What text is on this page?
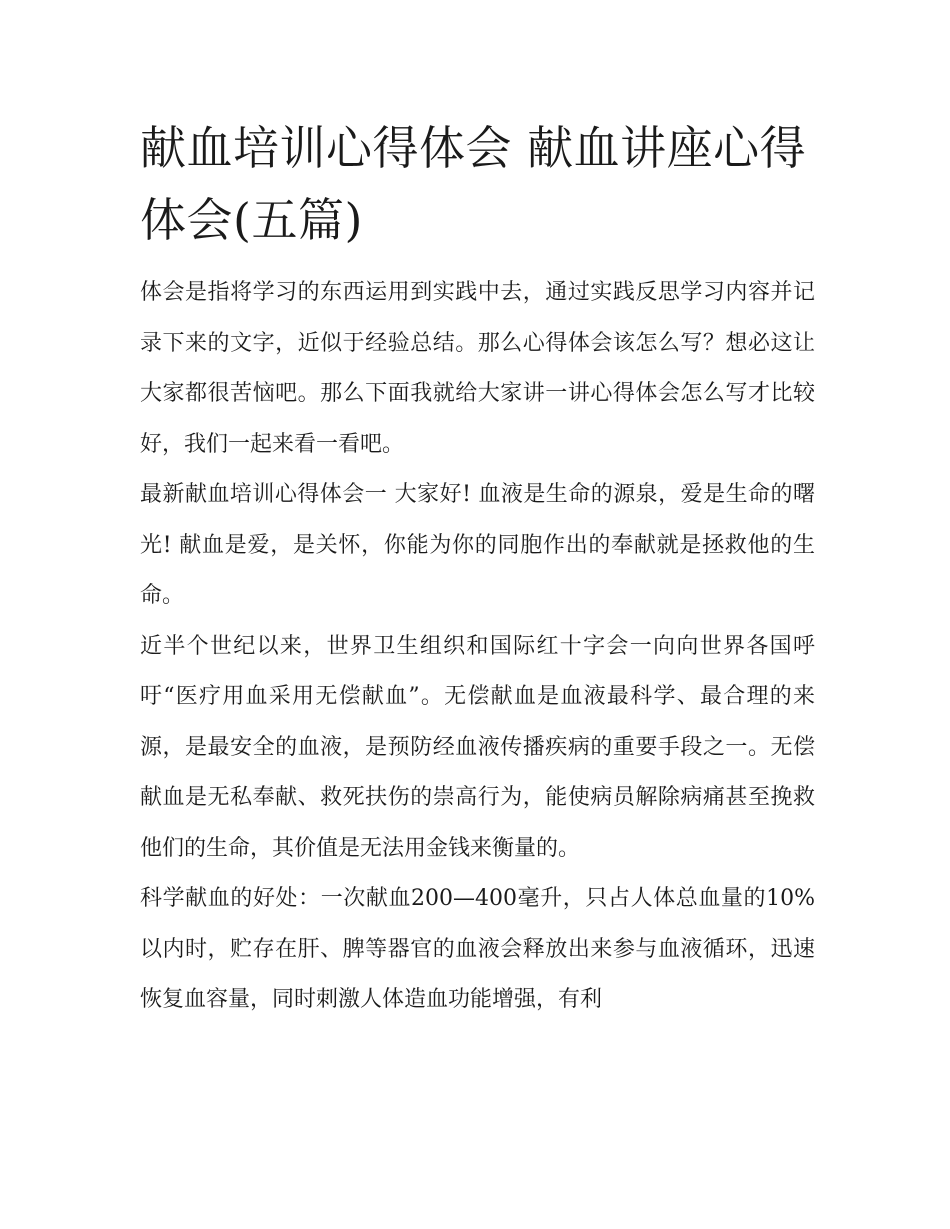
献血培训心得体会 献血讲座心得体会(五篇)

体会是指将学习的东西运用到实践中去，通过实践反思学习内容并记录下来的文字，近似于经验总结。那么心得体会该怎么写？想必这让大家都很苦恼吧。那么下面我就给大家讲一讲心得体会怎么写才比较好，我们一起来看一看吧。

最新献血培训心得体会一 大家好! 血液是生命的源泉，爱是生命的曙光! 献血是爱，是关怀，你能为你的同胞作出的奉献就是拯救他的生命。

近半个世纪以来，世界卫生组织和国际红十字会一向向世界各国呼吁“医疗用血采用无偿献血”。无偿献血是血液最科学、最合理的来源，是最安全的血液，是预防经血液传播疾病的重要手段之一。无偿献血是无私奉献、救死扶伤的崇高行为，能使病员解除病痛甚至挽救他们的生命，其价值是无法用金钱来衡量的。

科学献血的好处：一次献血200—400毫升，只占人体总血量的10%以内时，贮存在肝、脾等器官的血液会释放出来参与血液循环，迅速恢复血容量，同时刺激人体造血功能增强，有利
